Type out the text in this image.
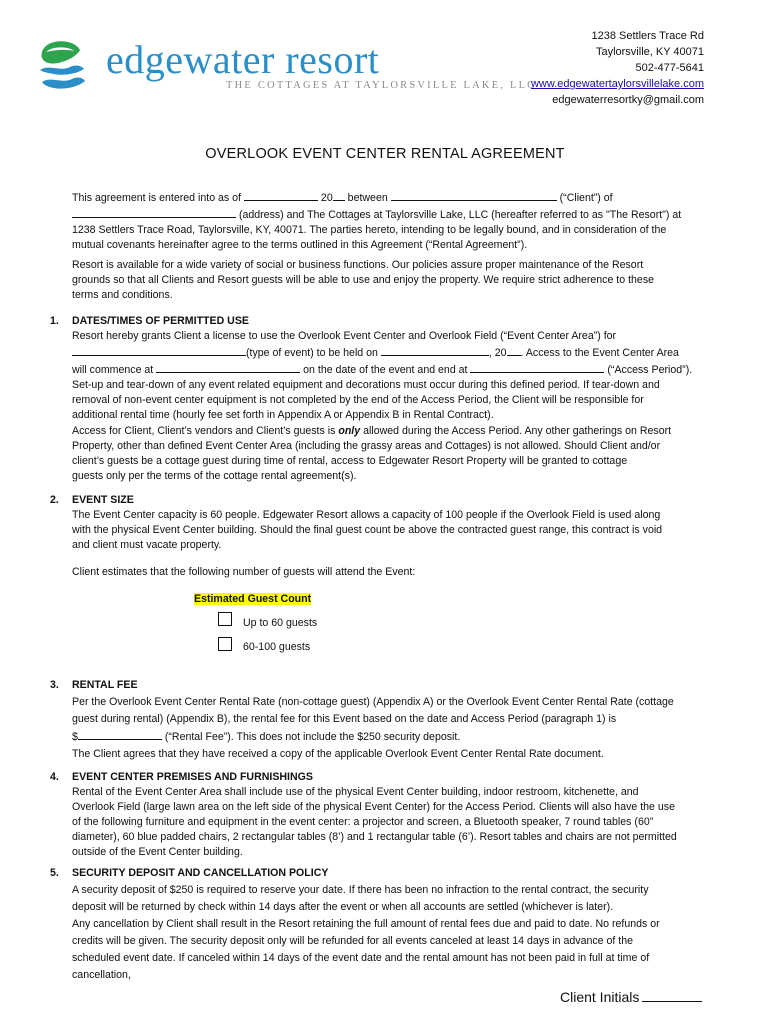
edgewater resort
THE COTTAGES AT TAYLORSVILLE LAKE, LLC
1238 Settlers Trace Rd
Taylorsville, KY 40071
502-477-5641
www.edgewatertaylorsvillelake.com
edgewaterresortky@gmail.com
OVERLOOK EVENT CENTER RENTAL AGREEMENT

This agreement is entered into as of	20 between	(“Client”) of

(address) and The Cottages at Taylorsville Lake, LLC (hereafter referred to as "The Resort") at

1238 Settlers Trace Road, Taylorsville, KY, 40071. The parties hereto, intending to be legally bound, and in consideration of the

mutual covenants hereinafter agree to the terms outlined in this Agreement (“Rental Agreement”).

Resort is available for a wide variety of social or business functions. Our policies assure proper maintenance of the Resort

grounds so that all Clients and Resort guests will be able to use and enjoy the property. We require strict adherence to these

terms and conditions.

1. DATES/TIMES OF PERMITTED USE

Resort hereby grants Client a license to use the Overlook Event Center and Overlook Field (“Event Center Area”) for

(type of event) to be held on	, 20 . Access to the Event Center Area

will commence at	on the date of the event and end at	(“Access Period”).

Set-up and tear-down of any event related equipment and decorations must occur during this defined period. If tear-down and

removal of non-event center equipment is not completed by the end of the Access Period, the Client will be responsible for

additional rental time (hourly fee set forth in Appendix A or Appendix B in Rental Contract).

Access for Client, Client’s vendors and Client’s guests is only allowed during the Access Period. Any other gatherings on Resort

Property, other than defined Event Center Area (including the grassy areas and Cottages) is not allowed. Should Client and/or

client’s guests be a cottage guest during time of rental, access to Edgewater Resort Property will be granted to cottage

guests only per the terms of the cottage rental agreement(s).

2. EVENT SIZE

The Event Center capacity is 60 people. Edgewater Resort allows a capacity of 100 people if the Overlook Field is used along

with the physical Event Center building. Should the final guest count be above the contracted guest range, this contract is void

and client must vacate property.

Client estimates that the following number of guests will attend the Event:
Estimated Guest Count
Up to 60 guests
60-100 guests
3. RENTAL FEE

Per the Overlook Event Center Rental Rate (non-cottage guest) (Appendix A) or the Overlook Event Center Rental Rate (cottage

guest during rental) (Appendix B), the rental fee for this Event based on the date and Access Period (paragraph 1) is

$	(“Rental Fee”). This does not include the $250 security deposit.

The Client agrees that they have received a copy of the applicable Overlook Event Center Rental Rate document.

4. EVENT CENTER PREMISES AND FURNISHINGS

Rental of the Event Center Area shall include use of the physical Event Center building, indoor restroom, kitchenette, and

Overlook Field (large lawn area on the left side of the physical Event Center) for the Access Period. Clients will also have the use

of the following furniture and equipment in the event center: a projector and screen, a Bluetooth speaker, 7 round tables (60”

diameter), 60 blue padded chairs, 2 rectangular tables (8’) and 1 rectangular table (6’). Resort tables and chairs are not permitted

outside of the Event Center building.

5. SECURITY DEPOSIT AND CANCELLATION POLICY

A security deposit of $250 is required to reserve your date. If there has been no infraction to the rental contract, the security

deposit will be returned by check within 14 days after the event or when all accounts are settled (whichever is later).

Any cancellation by Client shall result in the Resort retaining the full amount of rental fees due and paid to date. No refunds or

credits will be given. The security deposit only will be refunded for all events canceled at least 14 days in advance of the

scheduled event date. If canceled within 14 days of the event date and the rental amount has not been paid in full at time of

cancellation,

Client Initials
